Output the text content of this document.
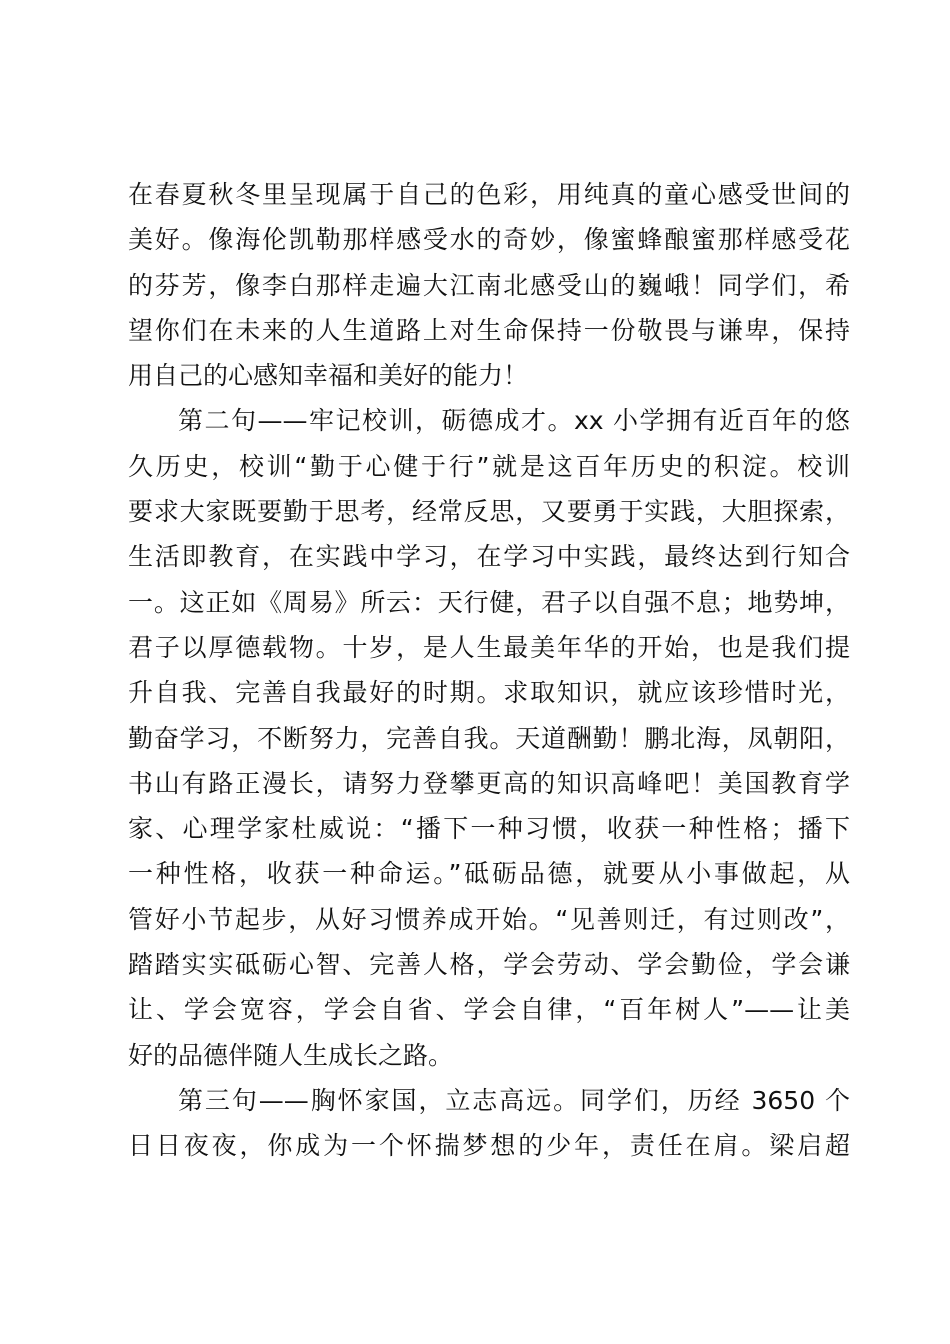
在春夏秋冬里呈现属于自己的色彩，用纯真的童心感受世间的
美好。像海伦凯勒那样感受水的奇妙，像蜜蜂酿蜜那样感受花
的芬芳，像李白那样走遍大江南北感受山的巍峨！同学们，希
望你们在未来的人生道路上对生命保持一份敬畏与谦卑，保持
用自己的心感知幸福和美好的能力！
第二句——牢记校训，砺德成才。xx 小学拥有近百年的悠
久历史，校训“勤于心健于行”就是这百年历史的积淀。校训
要求大家既要勤于思考，经常反思，又要勇于实践，大胆探索，
生活即教育，在实践中学习，在学习中实践，最终达到行知合
一。这正如《周易》所云：天行健，君子以自强不息；地势坤，
君子以厚德载物。十岁，是人生最美年华的开始，也是我们提
升自我、完善自我最好的时期。求取知识，就应该珍惜时光，
勤奋学习，不断努力，完善自我。天道酬勤！鹏北海，凤朝阳，
书山有路正漫长，请努力登攀更高的知识高峰吧！美国教育学
家、心理学家杜威说：“播下一种习惯，收获一种性格；播下
一种性格，收获一种命运。”砥砺品德，就要从小事做起，从
管好小节起步，从好习惯养成开始。“见善则迁，有过则改”，
踏踏实实砥砺心智、完善人格，学会劳动、学会勤俭，学会谦
让、学会宽容，学会自省、学会自律，“百年树人”——让美
好的品德伴随人生成长之路。
第三句——胸怀家国，立志高远。同学们，历经 3650 个
日日夜夜，你成为一个怀揣梦想的少年，责任在肩。梁启超
